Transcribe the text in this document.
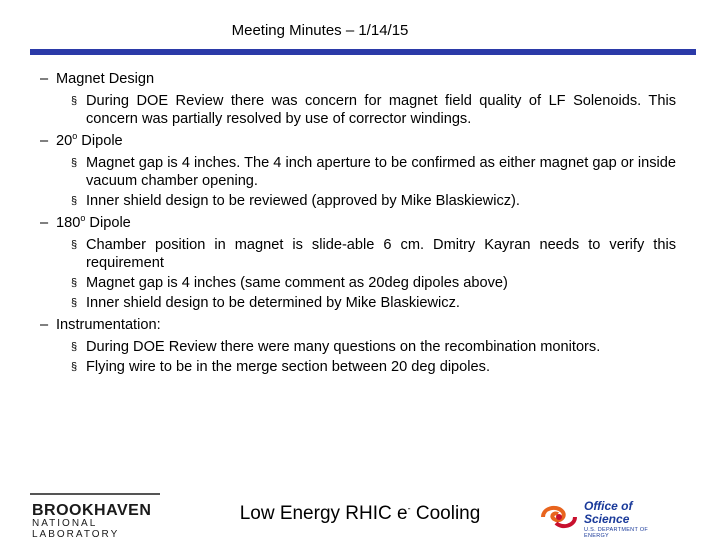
Meeting Minutes – 1/14/15
– Magnet Design
§ During DOE Review there was concern for magnet field quality of LF Solenoids. This concern was partially resolved by use of corrector windings.
– 20$^o$ Dipole
§ Magnet gap is 4 inches. The 4 inch aperture to be confirmed as either magnet gap or inside vacuum chamber opening.
§ Inner shield design to be reviewed (approved by Mike Blaskiewicz).
– 180$^o$ Dipole
§ Chamber position in magnet is slide-able 6 cm. Dmitry Kayran needs to verify this requirement
§ Magnet gap is 4 inches (same comment as 20deg dipoles above)
§ Inner shield design to be determined by Mike Blaskiewicz.
– Instrumentation:
§ During DOE Review there were many questions on the recombination monitors.
§ Flying wire to be in the merge section between 20 deg dipoles.
BROOKHAVEN
NATIONAL LABORATORY
Low Energy RHIC e- Cooling	Office of
Science
U.S. DEPARTMENT OF ENERGY
